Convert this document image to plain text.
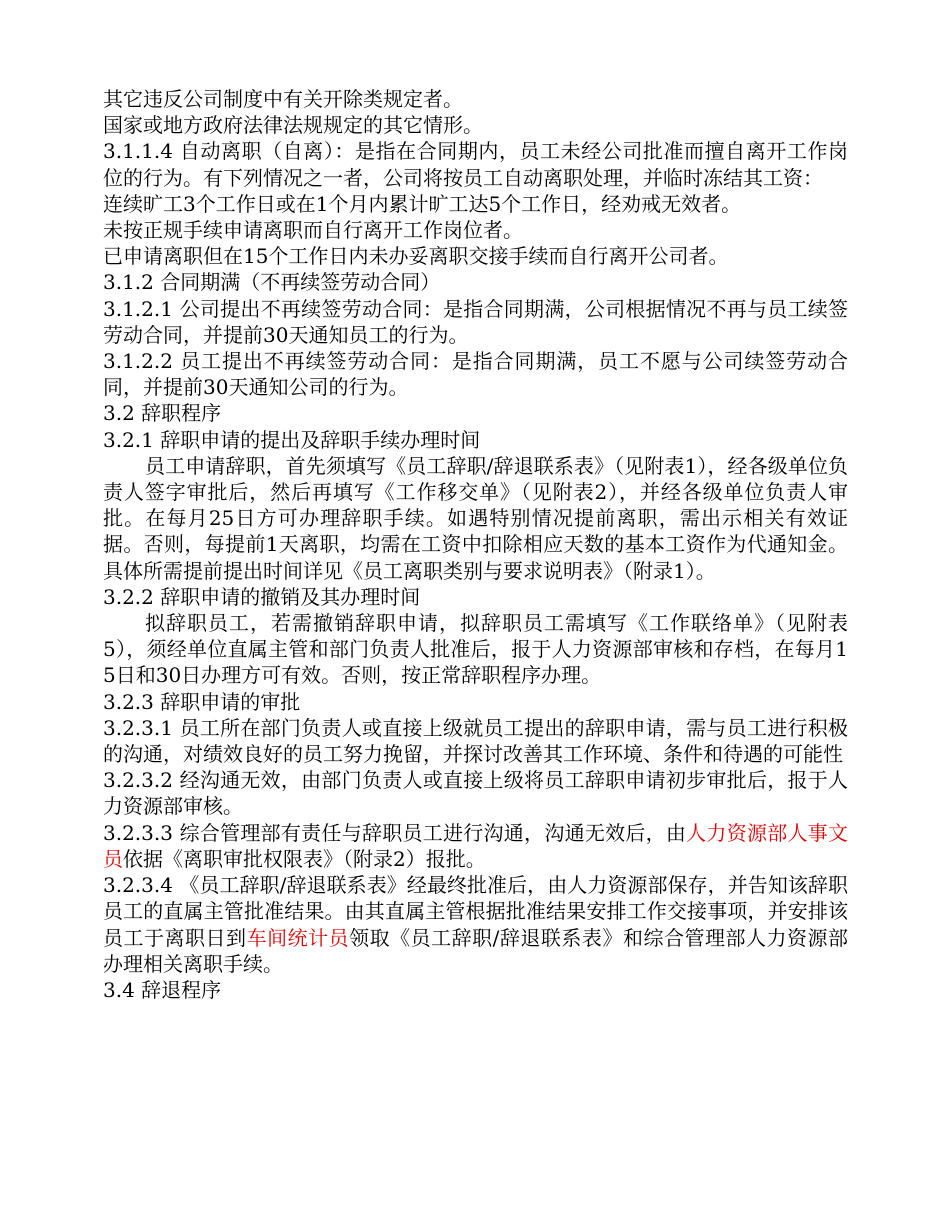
其它违反公司制度中有关开除类规定者。

国家或地方政府法律法规规定的其它情形。

3.1.1.4 自动离职（自离）：是指在合同期内，员工未经公司批准而擅自离开工作岗位的行为。有下列情况之一者，公司将按员工自动离职处理，并临时冻结其工资：

连续旷工3个工作日或在1个月内累计旷工达5个工作日，经劝戒无效者。

未按正规手续申请离职而自行离开工作岗位者。

已申请离职但在15个工作日内未办妥离职交接手续而自行离开公司者。

3.1.2 合同期满（不再续签劳动合同）

3.1.2.1 公司提出不再续签劳动合同：是指合同期满，公司根据情况不再与员工续签劳动合同，并提前30天通知员工的行为。

3.1.2.2 员工提出不再续签劳动合同：是指合同期满，员工不愿与公司续签劳动合同，并提前30天通知公司的行为。

3.2 辞职程序

3.2.1 辞职申请的提出及辞职手续办理时间

员工申请辞职，首先须填写《员工辞职/辞退联系表》（见附表1），经各级单位负责人签字审批后，然后再填写《工作移交单》（见附表2），并经各级单位负责人审批。在每月25日方可办理辞职手续。如遇特别情况提前离职，需出示相关有效证据。否则，每提前1天离职，均需在工资中扣除相应天数的基本工资作为代通知金。具体所需提前提出时间详见《员工离职类别与要求说明表》（附录1）。

3.2.2 辞职申请的撤销及其办理时间

拟辞职员工，若需撤销辞职申请，拟辞职员工需填写《工作联络单》（见附表5），须经单位直属主管和部门负责人批准后，报于人力资源部审核和存档，在每月15日和30日办理方可有效。否则，按正常辞职程序办理。

3.2.3 辞职申请的审批

3.2.3.1 员工所在部门负责人或直接上级就员工提出的辞职申请，需与员工进行积极的沟通，对绩效良好的员工努力挽留，并探讨改善其工作环境、条件和待遇的可能性

3.2.3.2 经沟通无效，由部门负责人或直接上级将员工辞职申请初步审批后，报于人力资源部审核。

3.2.3.3 综合管理部有责任与辞职员工进行沟通，沟通无效后，由人力资源部人事文员依据《离职审批权限表》（附录2）报批。

3.2.3.4 《员工辞职/辞退联系表》经最终批准后，由人力资源部保存，并告知该辞职员工的直属主管批准结果。由其直属主管根据批准结果安排工作交接事项，并安排该员工于离职日到车间统计员领取《员工辞职/辞退联系表》和综合管理部人力资源部办理相关离职手续。

3.4 辞退程序
